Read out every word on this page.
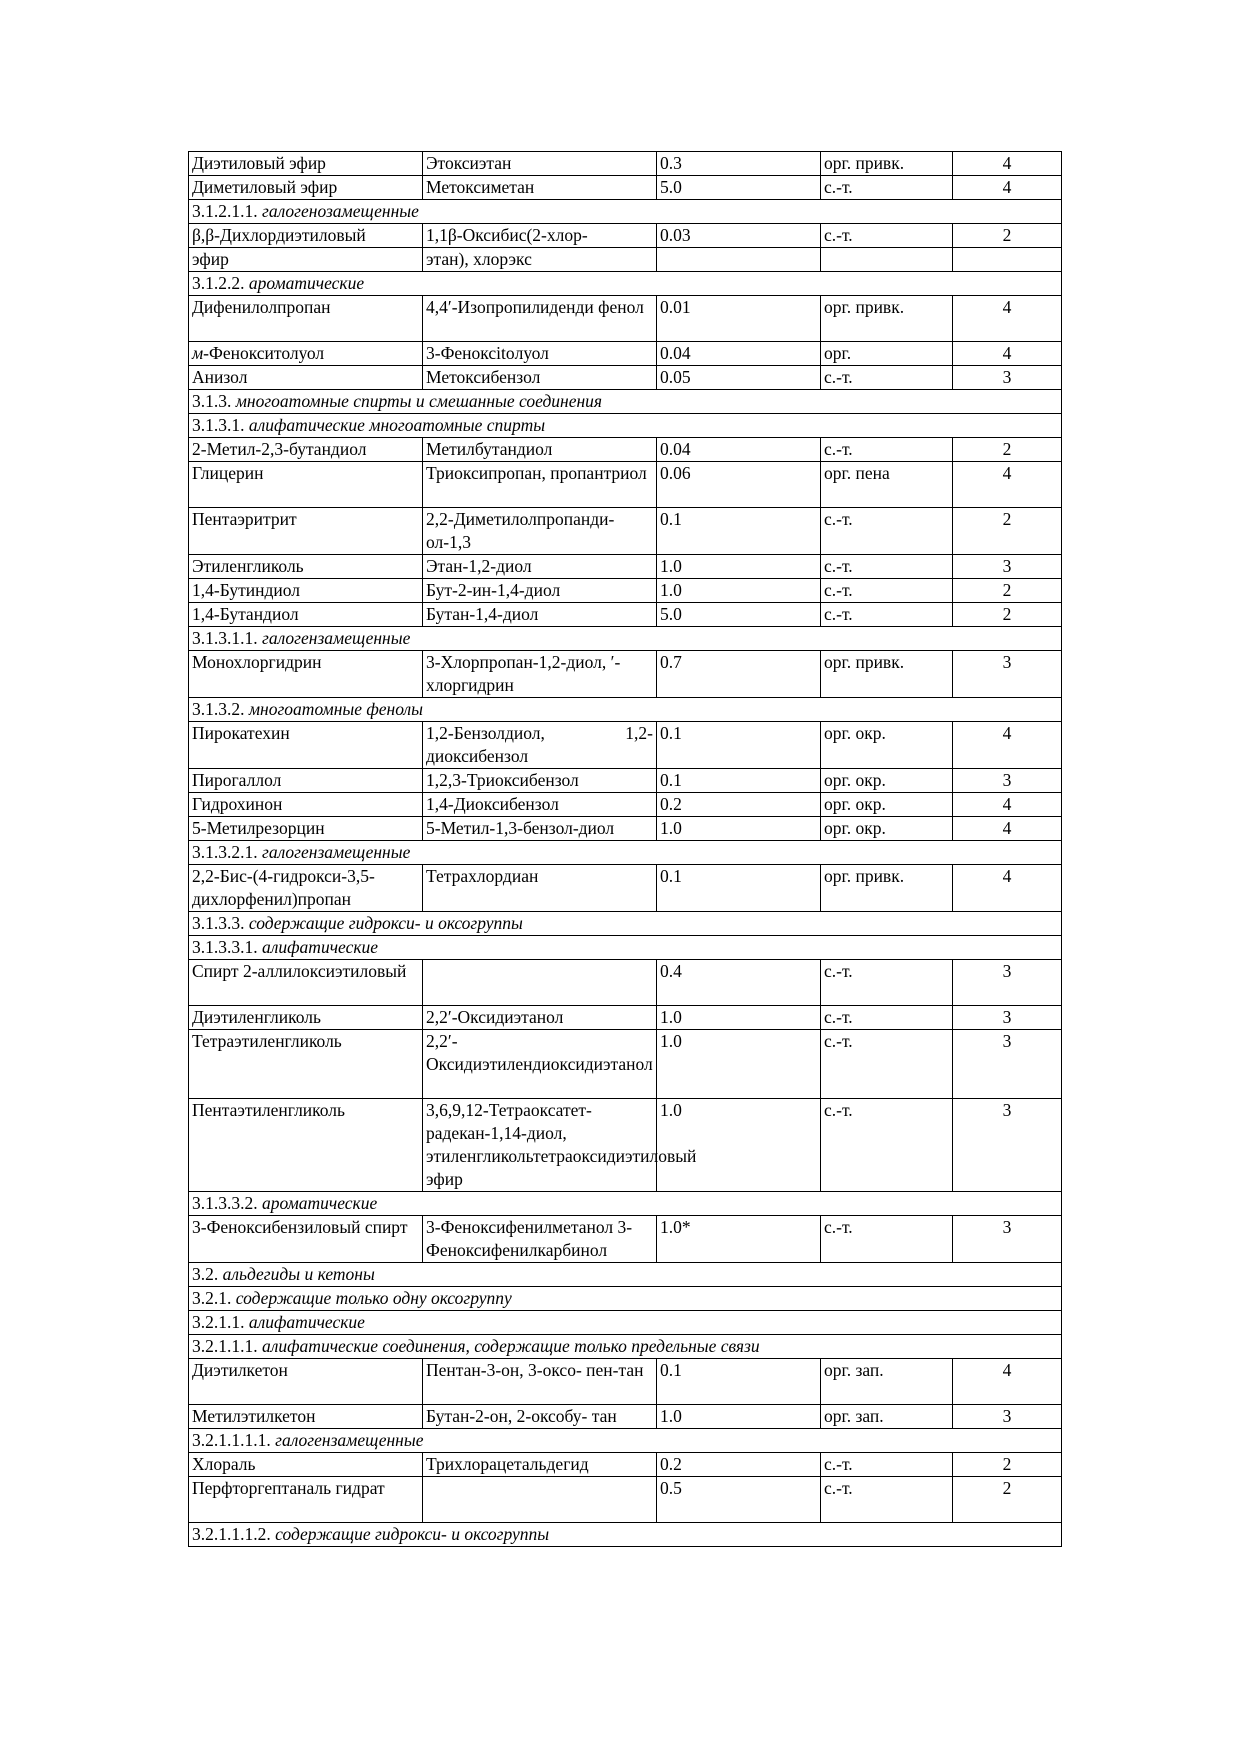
Диэтиловый эфир	Этоксиэтан	0.3	орг. привк.	4
Диметиловый эфир	Метоксиметан	5.0	с.-т.	4
3.1.2.1.1. галогенозамещенные				
β,β-Дихлордиэтиловый	1,1β-Оксибис(2-хлор-	0.03	с.-т.	2
эфир	этан), хлорэкс			
3.1.2.2. ароматические				
Дифенилолпропан	4,4′-Изопропилиденди фенол	0.01	орг. привк.	4
м-Фенокситолуол	3-Феноксitoлуол	0.04	орг.	4
Анизол	Метоксибензол	0.05	с.-т.	3
3.1.3. многоатомные спирты и смешанные соединения				
3.1.3.1. алифатические многоатомные спирты				
2-Метил-2,3-бутандиол	Метилбутандиол	0.04	с.-т.	2
Глицерин	Триоксипропан, пропантриол	0.06	орг. пена	4
Пентаэритрит	2,2-Диметилолпропанди-ол-1,3	0.1	с.-т.	2
Этиленгликоль	Этан-1,2-диол	1.0	с.-т.	3
1,4-Бутиндиол	Бут-2-ин-1,4-диол	1.0	с.-т.	2
1,4-Бутандиол	Бутан-1,4-диол	5.0	с.-т.	2
3.1.3.1.1. галогензамещенные				
Монохлоргидрин	3-Хлорпропан-1,2-диол, ′-хлоргидрин	0.7	орг. привк.	3
3.1.3.2. многоатомные фенолы				
Пирокатехин	1,2-Бензолдиол, 1,2-диоксибензол	0.1	орг. окр.	4
Пирогаллол	1,2,3-Триоксибензол	0.1	орг. окр.	3
Гидрохинон	1,4-Диоксибензол	0.2	орг. окр.	4
5-Метилрезорцин	5-Метил-1,3-бензол-диол	1.0	орг. окр.	4
3.1.3.2.1. галогензамещенные				
2,2-Бис-(4-гидрокси-3,5-дихлорфенил)пропан	Тетрахлордиан	0.1	орг. привк.	4
3.1.3.3. содержащие гидрокси- и оксогруппы				
3.1.3.3.1. алифатические				
Спирт 2-аллилоксиэтиловый		0.4	с.-т.	3
Диэтиленгликоль	2,2′-Оксидиэтанол	1.0	с.-т.	3
Тетраэтиленгликоль	2,2′-Оксидиэтилендиоксидиэтанол	1.0	с.-т.	3
Пентаэтиленгликоль	3,6,9,12-Тетраоксатет-радекан-1,14-диол, этиленгликольтетраоксидиэтиловый эфир	1.0	с.-т.	3
3.1.3.3.2. ароматические				
3-Феноксибензиловый спирт	3-Феноксифенилметанол 3-Феноксифенилкарбинол	1.0*	с.-т.	3
3.2. альдегиды и кетоны				
3.2.1. содержащие только одну оксогруппу				
3.2.1.1. алифатические				
3.2.1.1.1. алифатические соединения, содержащие только предельные связи				
Диэтилкетон	Пентан-3-он, 3-оксо- пен-тан	0.1	орг. зап.	4
Метилэтилкетон	Бутан-2-он, 2-оксобу- тан	1.0	орг. зап.	3
3.2.1.1.1.1. галогензамещенные				
Хлораль	Трихлорацетальдегид	0.2	с.-т.	2
Перфторгептаналь гидрат		0.5	с.-т.	2
3.2.1.1.1.2. содержащие гидрокси- и оксогруппы				
